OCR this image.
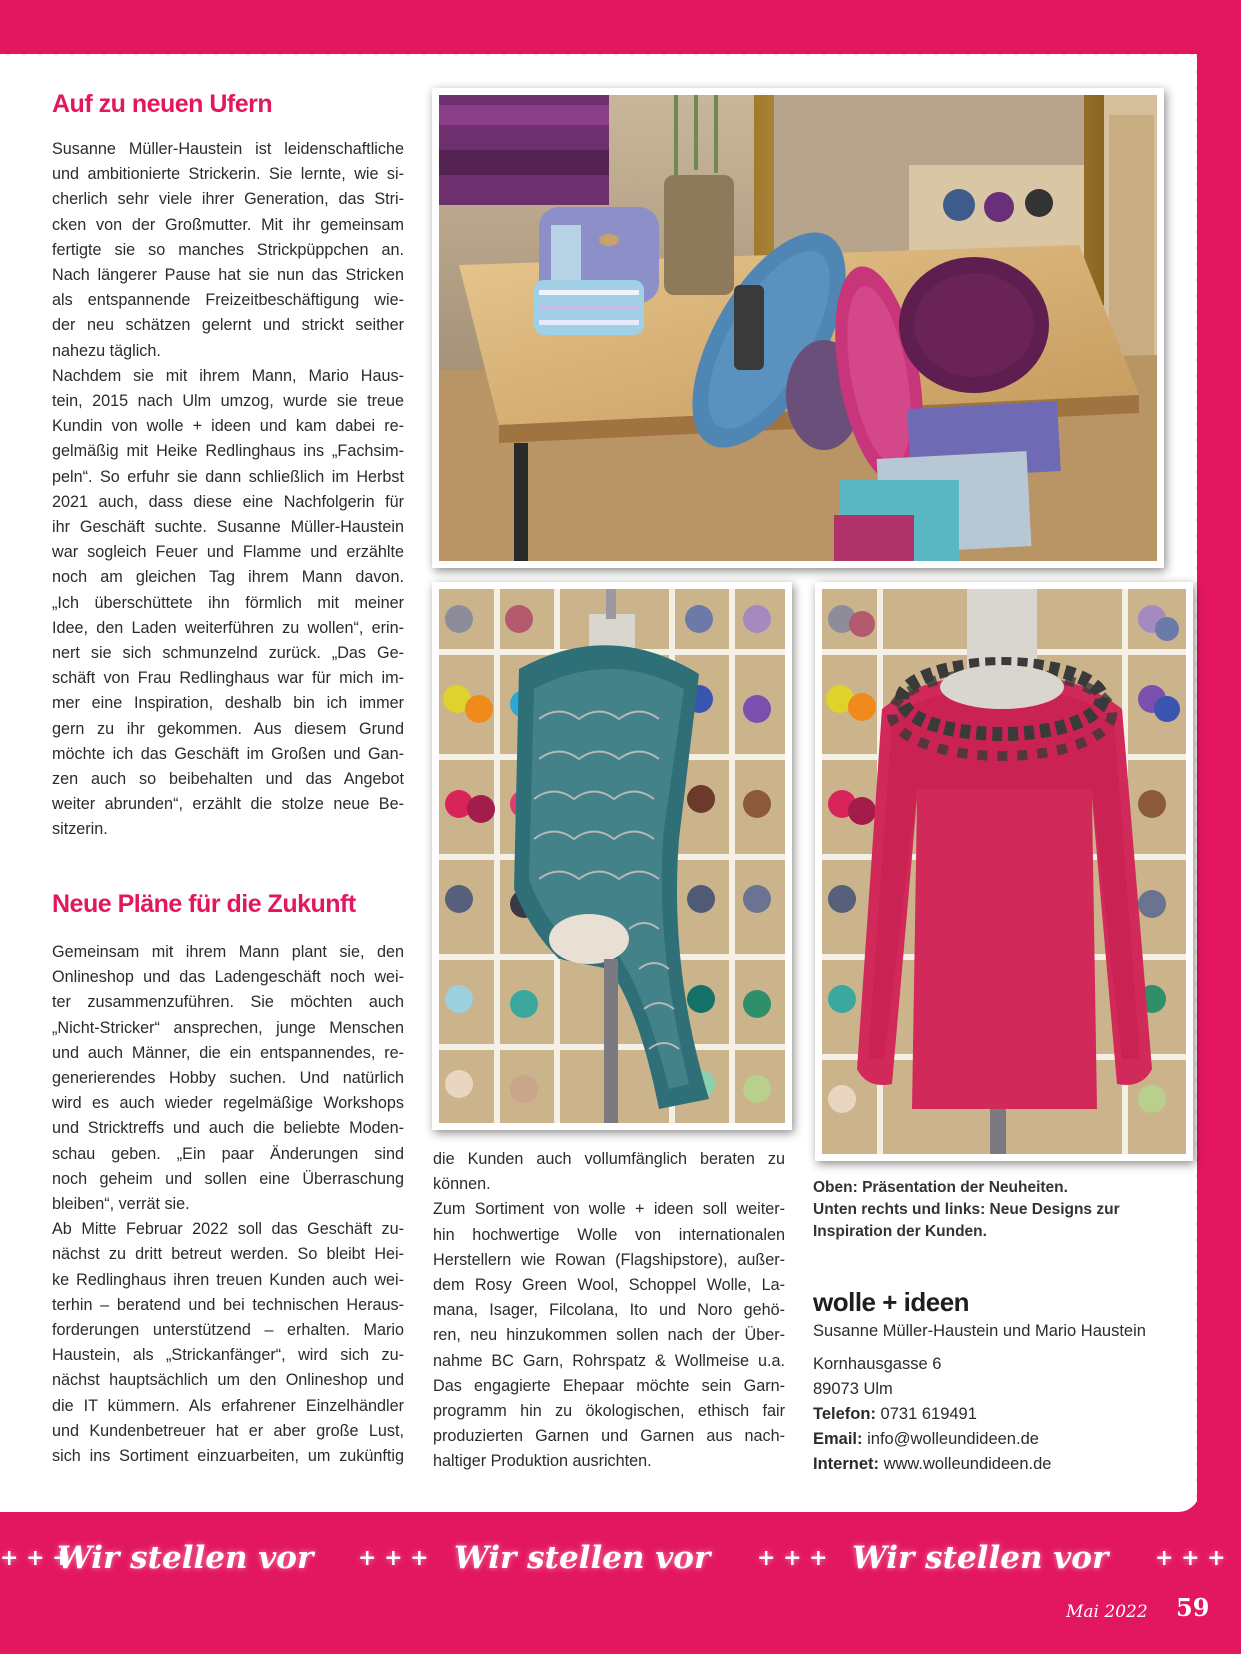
Auf zu neuen Ufern

Susanne Müller-Haustein ist leidenschaftliche

und ambitionierte Strickerin. Sie lernte, wie si-

cherlich sehr viele ihrer Generation, das Stri-

cken von der Großmutter. Mit ihr gemeinsam

fertigte sie so manches Strickpüppchen an.

Nach längerer Pause hat sie nun das Stricken

als entspannende Freizeitbeschäftigung wie-

der neu schätzen gelernt und strickt seither

nahezu täglich.

Nachdem sie mit ihrem Mann, Mario Haus-

tein, 2015 nach Ulm umzog, wurde sie treue

Kundin von wolle + ideen und kam dabei re-

gelmäßig mit Heike Redlinghaus ins „Fachsim-

peln“. So erfuhr sie dann schließlich im Herbst

2021 auch, dass diese eine Nachfolgerin für

ihr Geschäft suchte. Susanne Müller-Haustein

war sogleich Feuer und Flamme und erzählte

noch am gleichen Tag ihrem Mann davon.

„Ich überschüttete ihn förmlich mit meiner

Idee, den Laden weiterführen zu wollen“, erin-

nert sie sich schmunzelnd zurück. „Das Ge-

schäft von Frau Redlinghaus war für mich im-

mer eine Inspiration, deshalb bin ich immer

gern zu ihr gekommen. Aus diesem Grund

möchte ich das Geschäft im Großen und Gan-

zen auch so beibehalten und das Angebot

weiter abrunden“, erzählt die stolze neue Be-

sitzerin.

Neue Pläne für die Zukunft

Gemeinsam mit ihrem Mann plant sie, den

Onlineshop und das Ladengeschäft noch wei-

ter zusammenzuführen. Sie möchten auch

„Nicht-Stricker“ ansprechen, junge Menschen

und auch Männer, die ein entspannendes, re-

generierendes Hobby suchen. Und natürlich

wird es auch wieder regelmäßige Workshops

und Stricktreffs und auch die beliebte Moden-

schau geben. „Ein paar Änderungen sind

noch geheim und sollen eine Überraschung

bleiben“, verrät sie.

Ab Mitte Februar 2022 soll das Geschäft zu-

nächst zu dritt betreut werden. So bleibt Hei-

ke Redlinghaus ihren treuen Kunden auch wei-

terhin – beratend und bei technischen Heraus-

forderungen unterstützend – erhalten. Mario

Haustein, als „Strickanfänger“, wird sich zu-

nächst hauptsächlich um den Onlineshop und

die IT kümmern. Als erfahrener Einzelhändler

und Kundenbetreuer hat er aber große Lust,

sich ins Sortiment einzuarbeiten, um zukünftig

die Kunden auch vollumfänglich beraten zu

können.

Zum Sortiment von wolle + ideen soll weiter-

hin hochwertige Wolle von internationalen

Herstellern wie Rowan (Flagshipstore), außer-

dem Rosy Green Wool, Schoppel Wolle, La-

mana, Isager, Filcolana, Ito und Noro gehö-

ren, neu hinzukommen sollen nach der Über-

nahme BC Garn, Rohrspatz & Wollmeise u.a.

Das engagierte Ehepaar möchte sein Garn-

programm hin zu ökologischen, ethisch fair

produzierten Garnen und Garnen aus nach-

haltiger Produktion ausrichten.

Oben: Präsentation der Neuheiten.
Unten rechts und links: Neue Designs zur
Inspiration der Kunden.
wolle + ideen
Susanne Müller-Haustein und Mario Haustein
Kornhausgasse 6
89073 Ulm
Telefon: 0731 619491
Email: info@wolleundideen.de
Internet: www.wolleundideen.de
+ + +
Wir stellen vor + + + Wir stellen vor + + + Wir stellen vor + + +
Mai 2022 59
